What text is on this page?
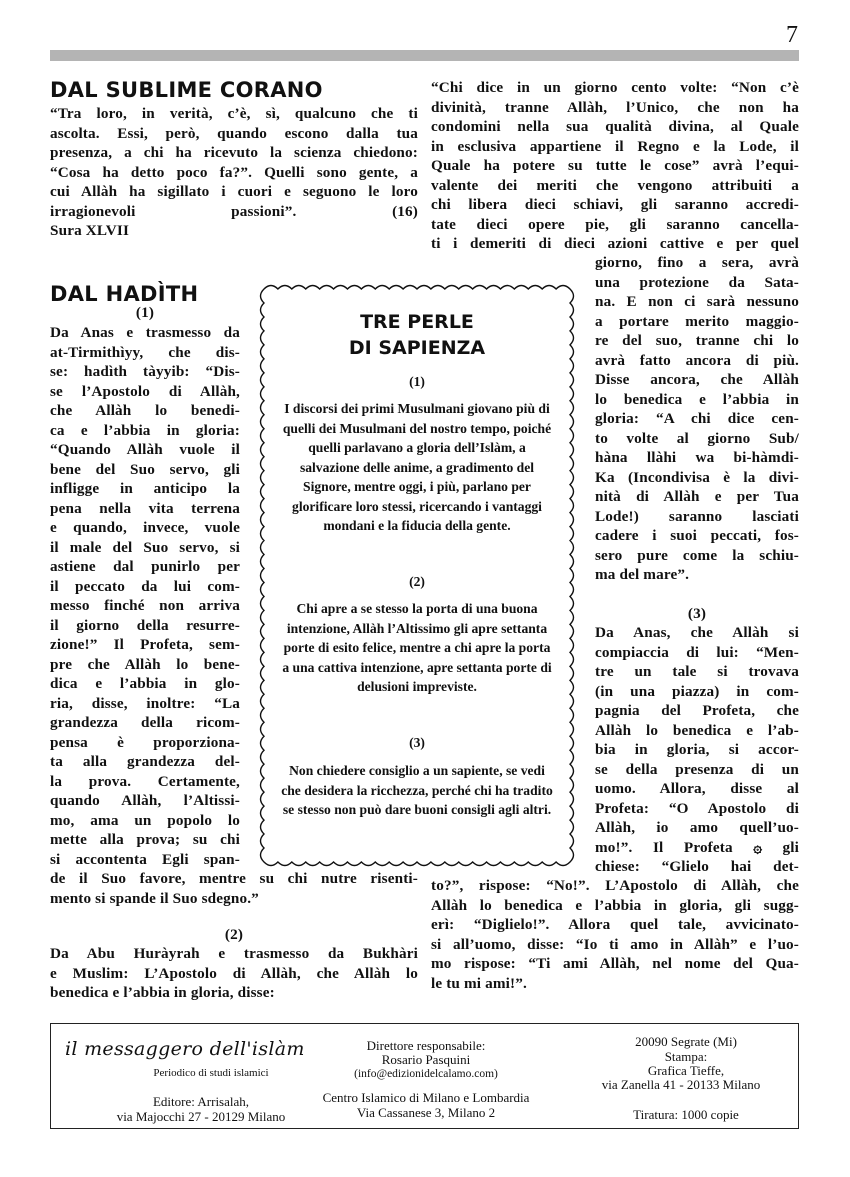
7
DAL SUBLIME CORANO
“Tra loro, in verità, c’è, sì, qualcuno che ti
ascolta. Essi, però, quando escono dalla tua
presenza, a chi ha ricevuto la scienza chiedono:
“Cosa ha detto poco fa?”. Quelli sono gente, a
cui Allàh ha sigillato i cuori e seguono le loro
irragionevoli passioni”. (16)
Sura XLVII
DAL HADÌTH
(1)
Da Anas e trasmesso da
at-Tirmithìyy, che dis-
se: hadìth tàyyib: “Dis-
se l’Apostolo di Allàh,
che Allàh lo benedi-
ca e l’abbia in gloria:
“Quando Allàh vuole il
bene del Suo servo, gli
infligge in anticipo la
pena nella vita terrena
e quando, invece, vuole
il male del Suo servo, si
astiene dal punirlo per
il peccato da lui com-
messo finché non arriva
il giorno della resurre-
zione!” Il Profeta, sem-
pre che Allàh lo bene-
dica e l’abbia in glo-
ria, disse, inoltre: “La
grandezza della ricom-
pensa è proporziona-
ta alla grandezza del-
la prova. Certamente,
quando Allàh, l’Altissi-
mo, ama un popolo lo
mette alla prova; su chi
si accontenta Egli span-
de il Suo favore, mentre su chi nutre risenti-
mento si spande il Suo sdegno.”
(2)
Da Abu Huràyrah e trasmesso da Bukhàri
e Muslim: L’Apostolo di Allàh, che Allàh lo
benedica e l’abbia in gloria, disse:
TRE PERLE
DI SAPIENZA
(1)
I discorsi dei primi Musulmani giovano più di quelli dei Musulmani del nostro tempo, poiché quelli parlavano a gloria dell’Islàm, a salvazione delle anime, a gradimento del Signore, mentre oggi, i più, parlano per glorificare loro stessi, ricercando i vantaggi mondani e la fiducia della gente.
(2)
Chi apre a se stesso la porta di una buona intenzione, Allàh l’Altissimo gli apre settanta porte di esito felice, mentre a chi apre la porta a una cattiva intenzione, apre settanta porte di delusioni impreviste.
(3)
Non chiedere consiglio a un sapiente, se vedi che desidera la ricchezza, perché chi ha tradito se stesso non può dare buoni consigli agli altri.
“Chi dice in un giorno cento volte: “Non c’è
divinità, tranne Allàh, l’Unico, che non ha
condomini nella sua qualità divina, al Quale
in esclusiva appartiene il Regno e la Lode, il
Quale ha potere su tutte le cose” avrà l’equi-
valente dei meriti che vengono attribuiti a
chi libera dieci schiavi, gli saranno accredi-
tate dieci opere pie, gli saranno cancella-
ti i demeriti di dieci azioni cattive e per quel
giorno, fino a sera, avrà
una protezione da Sata-
na. E non ci sarà nessuno
a portare merito maggio-
re del suo, tranne chi lo
avrà fatto ancora di più.
Disse ancora, che Allàh
lo benedica e l’abbia in
gloria: “A chi dice cen-
to volte al giorno Sub/
hàna llàhi wa bi-hàmdi-
Ka (Incondivisa è la divi-
nità di Allàh e per Tua
Lode!) saranno lasciati
cadere i suoi peccati, fos-
sero pure come la schiu-
ma del mare”.
(3)
Da Anas, che Allàh si
compiaccia di lui: “Men-
tre un tale si trovava
(in una piazza) in com-
pagnia del Profeta, che
Allàh lo benedica e l’ab-
bia in gloria, si accor-
se della presenza di un
uomo. Allora, disse al
Profeta: “O Apostolo di
Allàh, io amo quell’uo-
mo!”. Il Profeta ۞ gli
chiese: “Glielo hai det-
to?”, rispose: “No!”. L’Apostolo di Allàh, che
Allàh lo benedica e l’abbia in gloria, gli sugg-
erì: “Diglielo!”. Allora quel tale, avvicinato-
si all’uomo, disse: “Io ti amo in Allàh” e l’uo-
mo rispose: “Ti ami Allàh, nel nome del Qua-
le tu mi ami!”.
il messaggero dell'islàm
Periodico di studi islamici
Editore: Arrisalah,
via Majocchi 27 - 20129 Milano
Direttore responsabile:
Rosario Pasquini
(info@edizionidelcalamo.com)
Centro Islamico di Milano e Lombardia
Via Cassanese 3, Milano 2
20090 Segrate (Mi)
Stampa:
Grafica Tieffe,
via Zanella 41 - 20133 Milano
Tiratura: 1000 copie
